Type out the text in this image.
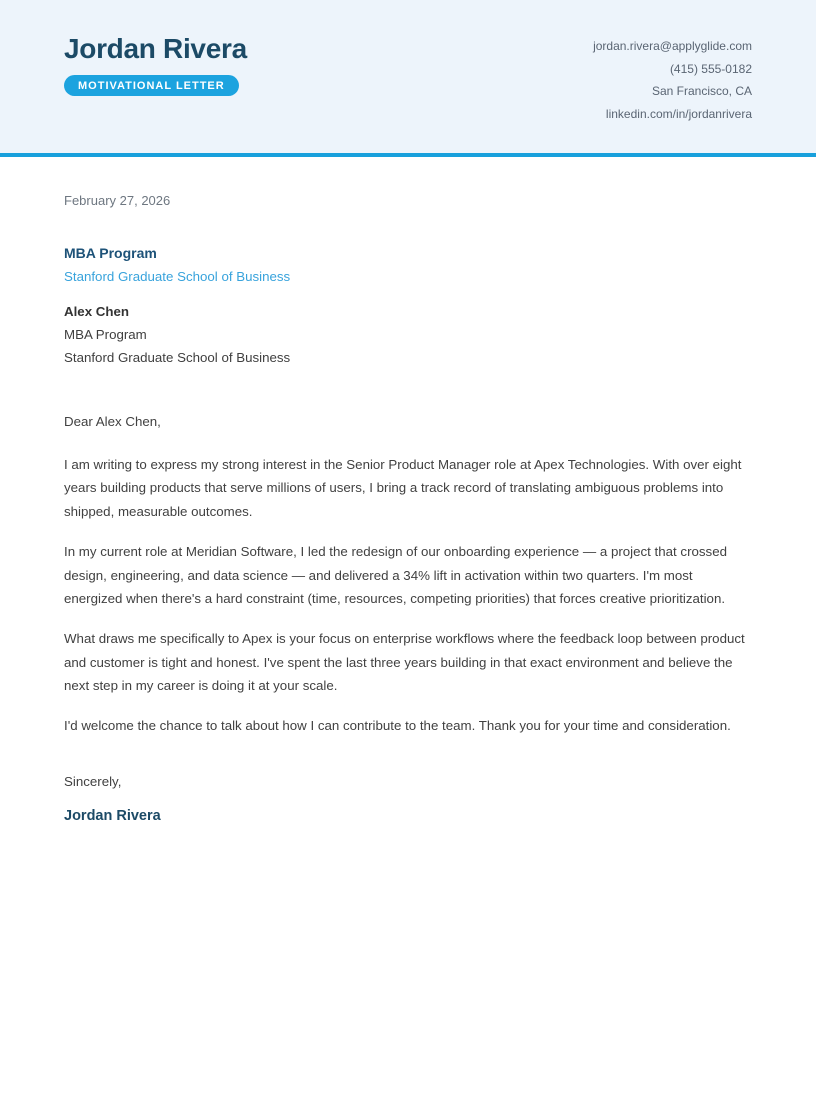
Jordan Rivera
MOTIVATIONAL LETTER
jordan.rivera@applyglide.com
(415) 555-0182
San Francisco, CA
linkedin.com/in/jordanrivera
February 27, 2026
MBA Program
Stanford Graduate School of Business
Alex Chen
MBA Program
Stanford Graduate School of Business
Dear Alex Chen,

I am writing to express my strong interest in the Senior Product Manager role at Apex Technologies. With over eight years building products that serve millions of users, I bring a track record of translating ambiguous problems into shipped, measurable outcomes.

In my current role at Meridian Software, I led the redesign of our onboarding experience — a project that crossed design, engineering, and data science — and delivered a 34% lift in activation within two quarters. I'm most energized when there's a hard constraint (time, resources, competing priorities) that forces creative prioritization.

What draws me specifically to Apex is your focus on enterprise workflows where the feedback loop between product and customer is tight and honest. I've spent the last three years building in that exact environment and believe the next step in my career is doing it at your scale.

I'd welcome the chance to talk about how I can contribute to the team. Thank you for your time and consideration.

Sincerely,
Jordan Rivera
